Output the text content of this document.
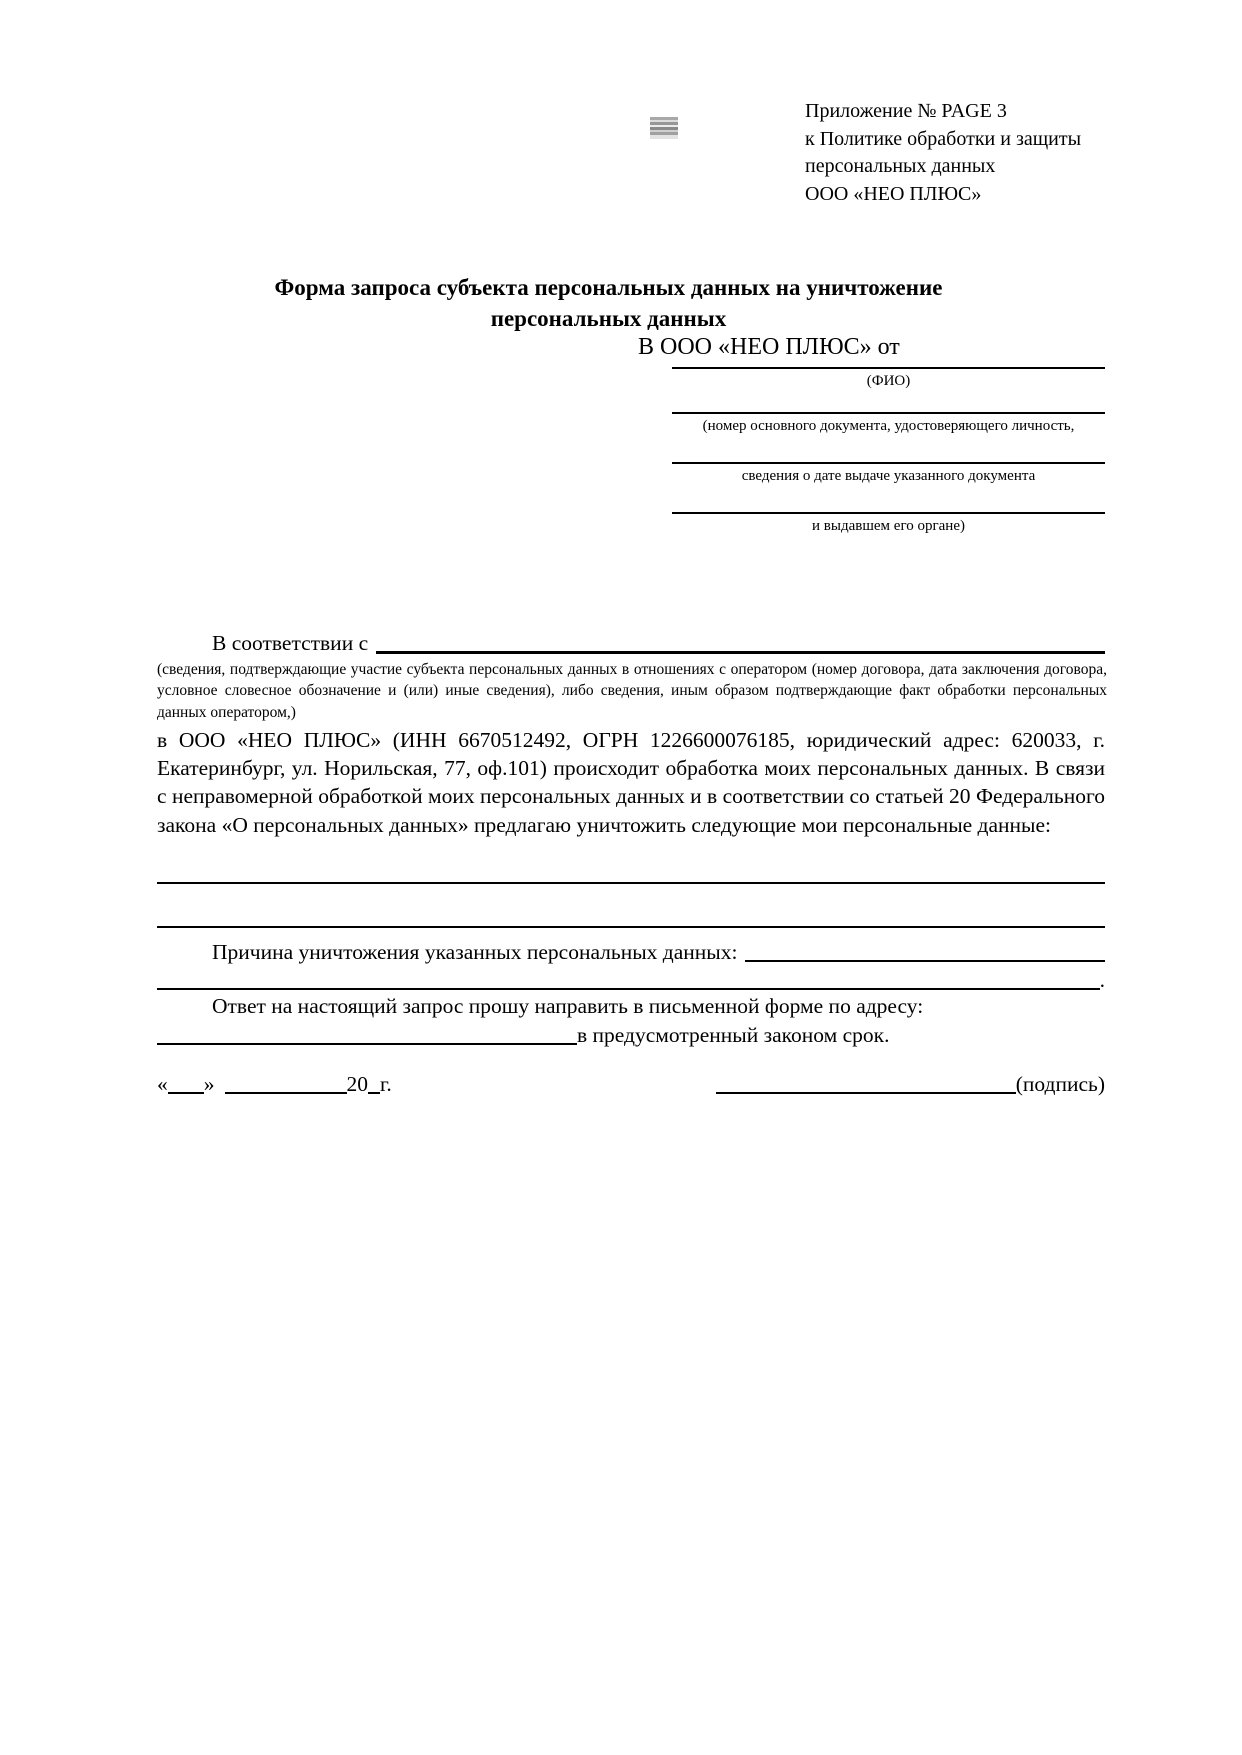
Приложение № PAGE 3
к Политике обработки и защиты
персональных данных
ООО «НЕО ПЛЮС»
Форма запроса субъекта персональных данных на уничтожение
персональных данных
В ООО «НЕО ПЛЮС» от
(ФИО)
(номер основного документа, удостоверяющего личность,
сведения о дате выдаче указанного документа
и выдавшем его органе)
В соответствии с
(сведения, подтверждающие участие субъекта персональных данных в отношениях с оператором (номер договора, дата заключения договора, условное словесное обозначение и (или) иные сведения), либо сведения, иным образом подтверждающие факт обработки персональных данных оператором,)
в ООО «НЕО ПЛЮС» (ИНН 6670512492, ОГРН 1226600076185, юридический адрес: 620033, г. Екатеринбург, ул. Норильская, 77, оф.101) происходит обработка моих персональных данных. В связи с неправомерной обработкой моих персональных данных и в соответствии со статьей 20 Федерального закона «О персональных данных» предлагаю уничтожить следующие мои персональные данные:
Причина уничтожения указанных персональных данных:
.
Ответ на настоящий запрос прошу направить в письменной форме по адресу:
в предусмотренный законом срок.
« »	20 г.	(подпись)
